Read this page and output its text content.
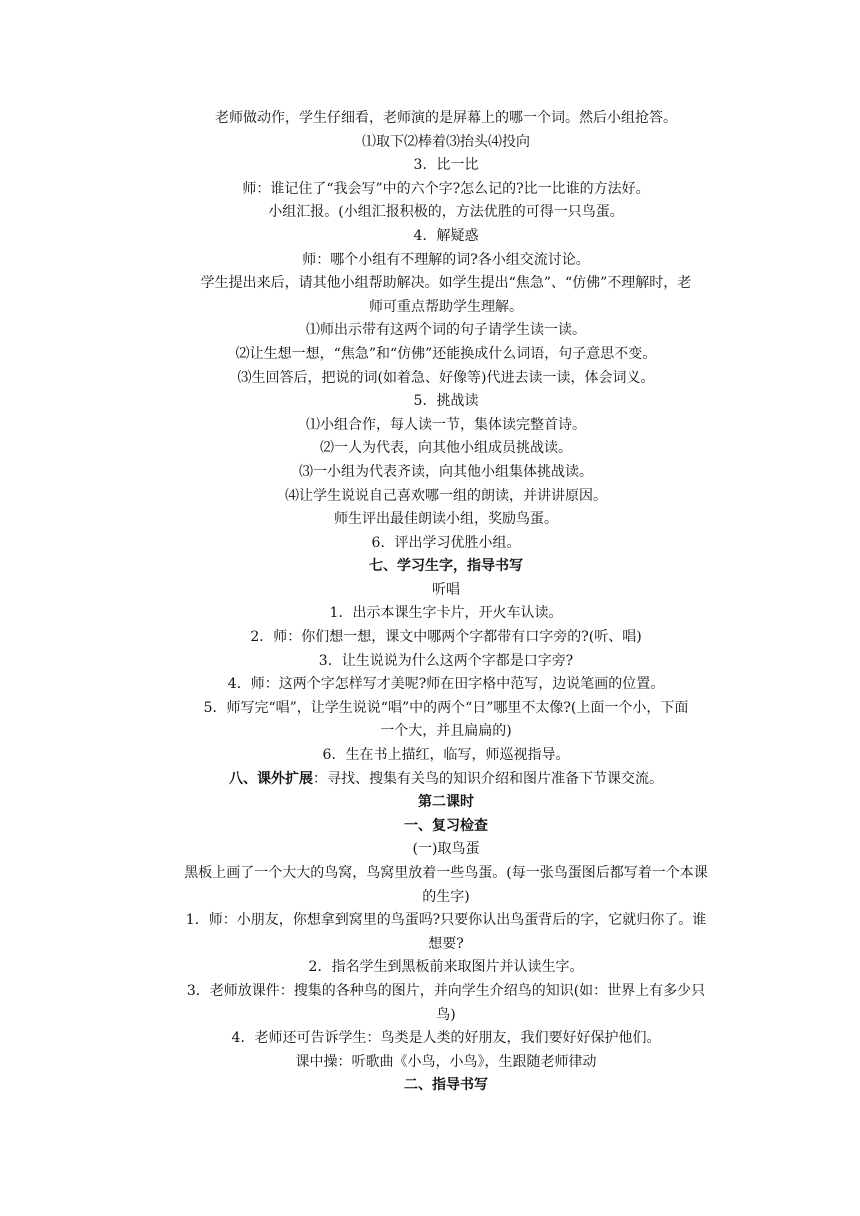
老师做动作，学生仔细看，老师演的是屏幕上的哪一个词。然后小组抢答。
⑴取下⑵棒着⑶抬头⑷投向
3．比一比
师：谁记住了“我会写”中的六个字?怎么记的?比一比谁的方法好。
小组汇报。(小组汇报积极的，方法优胜的可得一只鸟蛋。
4．解疑惑
师：哪个小组有不理解的词?各小组交流讨论。
学生提出来后，请其他小组帮助解决。如学生提出“焦急”、“仿佛”不理解时，老
师可重点帮助学生理解。
⑴师出示带有这两个词的句子请学生读一读。
⑵让生想一想，“焦急”和“仿佛”还能换成什么词语，句子意思不变。
⑶生回答后，把说的词(如着急、好像等)代进去读一读，体会词义。
5．挑战读
⑴小组合作，每人读一节，集体读完整首诗。
⑵一人为代表，向其他小组成员挑战读。
⑶一小组为代表齐读，向其他小组集体挑战读。
⑷让学生说说自己喜欢哪一组的朗读，并讲讲原因。
师生评出最佳朗读小组，奖励鸟蛋。
6．评出学习优胜小组。
七、学习生字，指导书写
听唱
1．出示本课生字卡片，开火车认读。
2．师：你们想一想，课文中哪两个字都带有口字旁的?(听、唱)
3．让生说说为什么这两个字都是口字旁?
4．师：这两个字怎样写才美呢?师在田字格中范写，边说笔画的位置。
5．师写完“唱”，让学生说说“唱”中的两个“日”哪里不太像?(上面一个小，下面
一个大，并且扁扁的)
6．生在书上描红，临写，师巡视指导。
八、课外扩展：寻找、搜集有关鸟的知识介绍和图片准备下节课交流。
第二课时
一、复习检查
(一)取鸟蛋
黑板上画了一个大大的鸟窝，鸟窝里放着一些鸟蛋。(每一张鸟蛋图后都写着一个本课
的生字)
1．师：小朋友，你想拿到窝里的鸟蛋吗?只要你认出鸟蛋背后的字，它就归你了。谁
想要?
2．指名学生到黑板前来取图片并认读生字。
3．老师放课件：搜集的各种鸟的图片，并向学生介绍鸟的知识(如：世界上有多少只
鸟)
4．老师还可告诉学生：鸟类是人类的好朋友，我们要好好保护他们。
课中操：听歌曲《小鸟，小鸟》，生跟随老师律动
二、指导书写
